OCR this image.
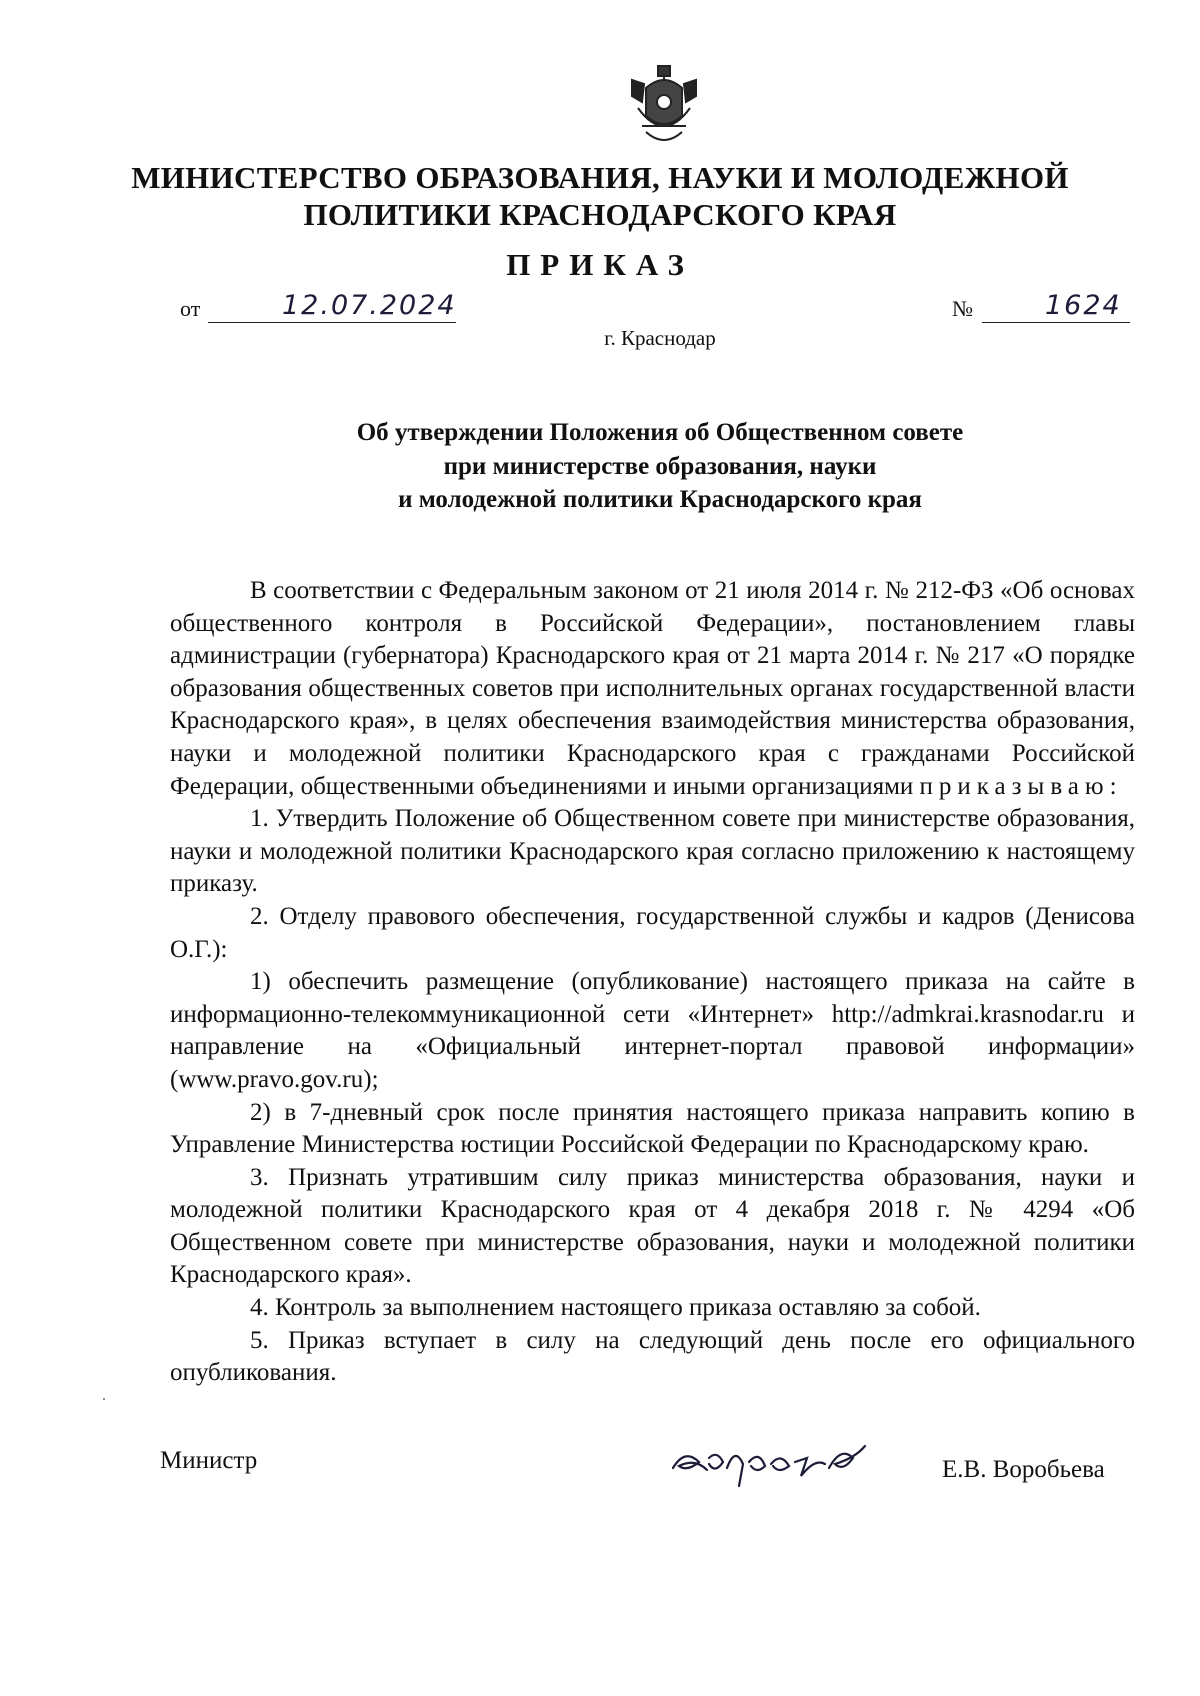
МИНИСТЕРСТВО ОБРАЗОВАНИЯ, НАУКИ И МОЛОДЕЖНОЙ
ПОЛИТИКИ КРАСНОДАРСКОГО КРАЯ
ПРИКАЗ
от	12.07.2024	№	1624
г. Краснодар
Об утверждении Положения об Общественном совете
при министерстве образования, науки
и молодежной политики Краснодарского края

В соответствии с Федеральным законом от 21 июля 2014 г. № 212-ФЗ «Об основах общественного контроля в Российской Федерации», постановлением главы администрации (губернатора) Краснодарского края от 21 марта 2014 г. № 217 «О порядке образования общественных советов при исполнительных органах государственной власти Краснодарского края», в целях обеспечения взаимодействия министерства образования, науки и молодежной политики Краснодарского края с гражданами Российской Федерации, общественными объединениями и иными организациями приказываю:

1. Утвердить Положение об Общественном совете при министерстве образования, науки и молодежной политики Краснодарского края согласно приложению к настоящему приказу.

2. Отделу правового обеспечения, государственной службы и кадров (Денисова О.Г.):

1) обеспечить размещение (опубликование) настоящего приказа на сайте в информационно-телекоммуникационной сети «Интернет» http://admkrai.krasnodar.ru и направление на «Официальный интернет-портал правовой информации» (www.pravo.gov.ru);

2) в 7-дневный срок после принятия настоящего приказа направить копию в Управление Министерства юстиции Российской Федерации по Краснодарскому краю.

3. Признать утратившим силу приказ министерства образования, науки и молодежной политики Краснодарского края от 4 декабря 2018 г. № 4294 «Об Общественном совете при министерстве образования, науки и молодежной политики Краснодарского края».

4. Контроль за выполнением настоящего приказа оставляю за собой.

5. Приказ вступает в силу на следующий день после его официального опубликования.

Министр	Е.В. Воробьева
